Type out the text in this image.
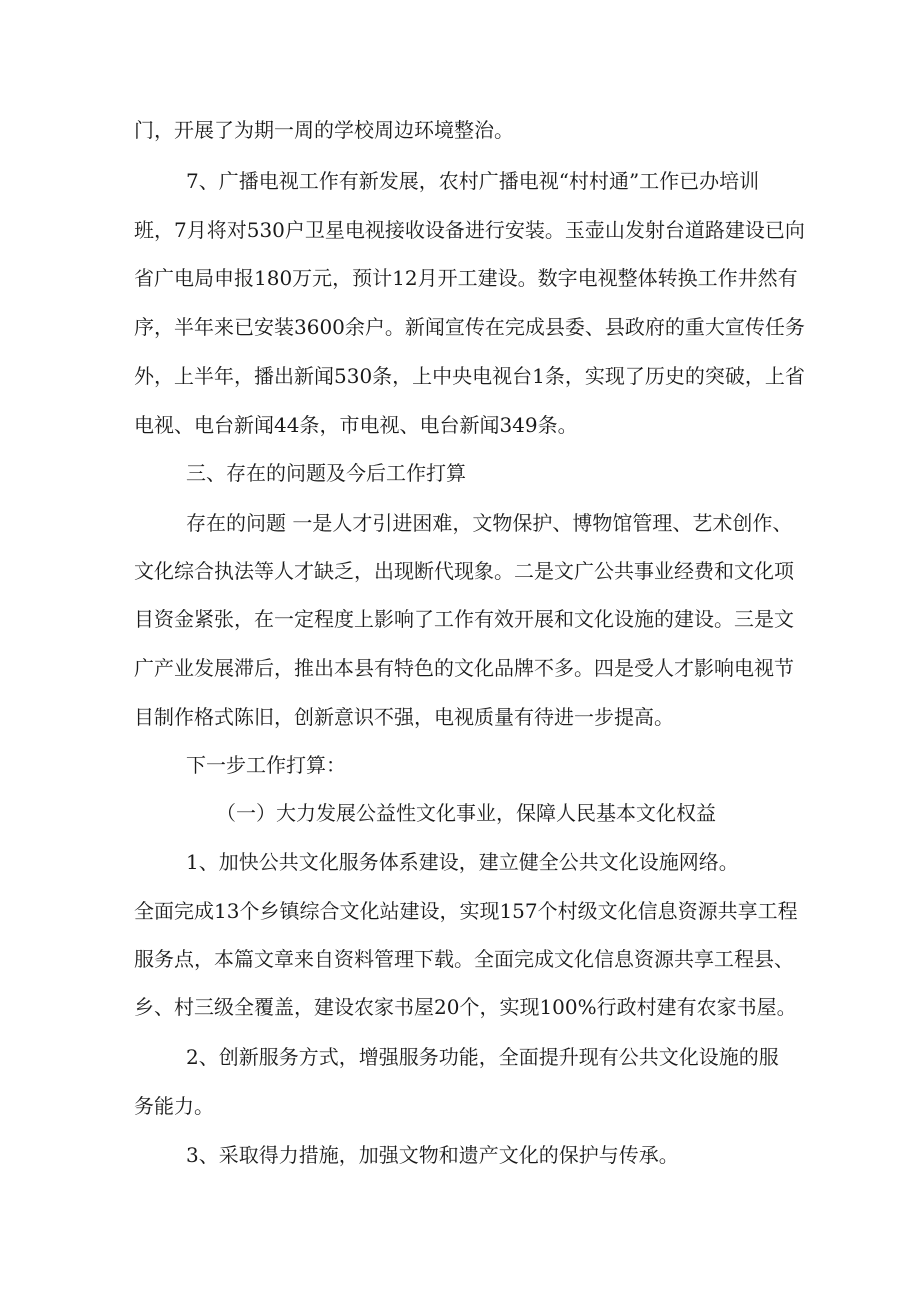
门，开展了为期一周的学校周边环境整治。

7、广播电视工作有新发展，农村广播电视“村村通”工作已办培训

班，7月将对530户卫星电视接收设备进行安装。玉壶山发射台道路建设已向

省广电局申报180万元，预计12月开工建设。数字电视整体转换工作井然有

序，半年来已安装3600余户。新闻宣传在完成县委、县政府的重大宣传任务

外，上半年，播出新闻530条，上中央电视台1条，实现了历史的突破，上省

电视、电台新闻44条，市电视、电台新闻349条。

三、存在的问题及今后工作打算

存在的问题 一是人才引进困难，文物保护、博物馆管理、艺术创作、

文化综合执法等人才缺乏，出现断代现象。二是文广公共事业经费和文化项

目资金紧张，在一定程度上影响了工作有效开展和文化设施的建设。三是文

广产业发展滞后，推出本县有特色的文化品牌不多。四是受人才影响电视节

目制作格式陈旧，创新意识不强，电视质量有待进一步提高。

下一步工作打算：

（一）大力发展公益性文化事业，保障人民基本文化权益

1、加快公共文化服务体系建设，建立健全公共文化设施网络。

全面完成13个乡镇综合文化站建设，实现157个村级文化信息资源共享工程

服务点，本篇文章来自资料管理下载。全面完成文化信息资源共享工程县、

乡、村三级全覆盖，建设农家书屋20个，实现100%行政村建有农家书屋。

2、创新服务方式，增强服务功能，全面提升现有公共文化设施的服

务能力。

3、采取得力措施，加强文物和遗产文化的保护与传承。
